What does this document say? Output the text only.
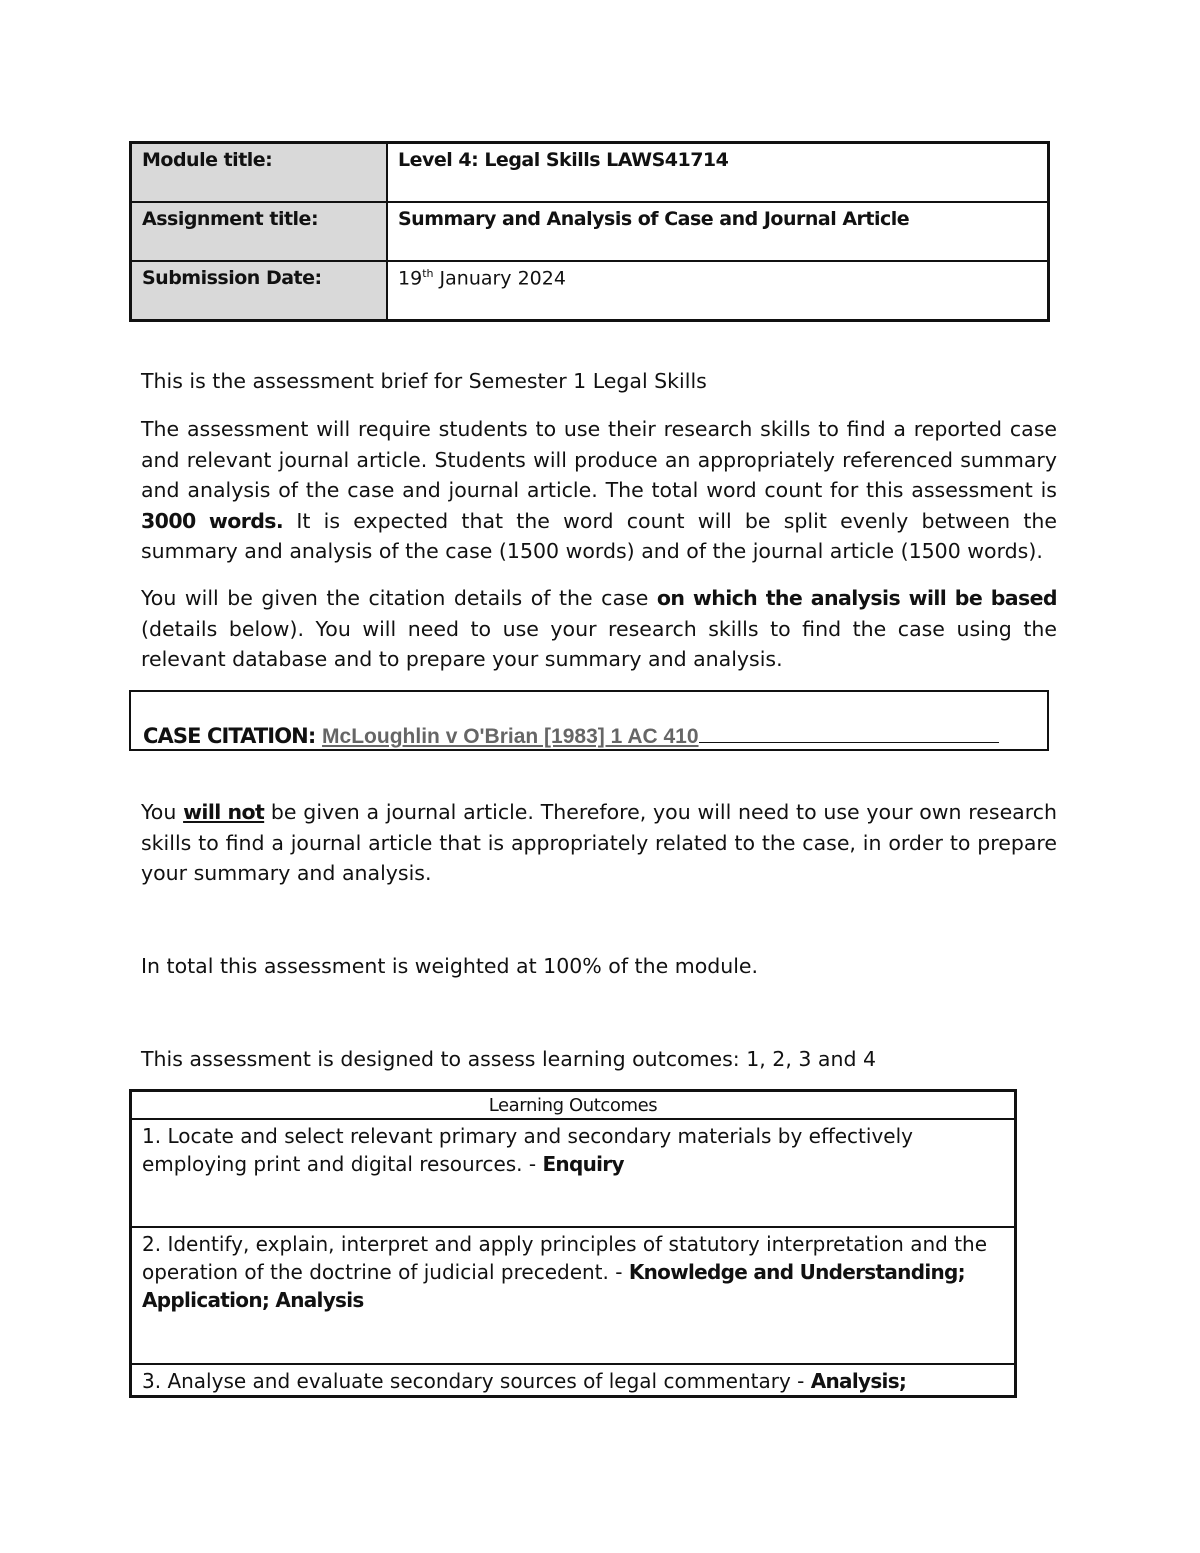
Module title:	Level 4: Legal Skills LAWS41714
Assignment title:	Summary and Analysis of Case and Journal Article
Submission Date:	19th January 2024

This is the assessment brief for Semester 1 Legal Skills

The assessment will require students to use their research skills to find a reported case and relevant journal article. Students will produce an appropriately referenced summary and analysis of the case and journal article. The total word count for this assessment is 3000 words. It is expected that the word count will be split evenly between the summary and analysis of the case (1500 words) and of the journal article (1500 words).

You will be given the citation details of the case on which the analysis will be based (details below). You will need to use your research skills to find the case using the relevant database and to prepare your summary and analysis.

CASE CITATION: McLoughlin v O'Brian [1983] 1 AC 410

You will not be given a journal article. Therefore, you will need to use your own research skills to find a journal article that is appropriately related to the case, in order to prepare your summary and analysis.

In total this assessment is weighted at 100% of the module.

This assessment is designed to assess learning outcomes: 1, 2, 3 and 4

Learning Outcomes
1. Locate and select relevant primary and secondary materials by effectively employing print and digital resources. - Enquiry
2. Identify, explain, interpret and apply principles of statutory interpretation and the operation of the doctrine of judicial precedent. - Knowledge and Understanding; Application; Analysis
3. Analyse and evaluate secondary sources of legal commentary - Analysis;
